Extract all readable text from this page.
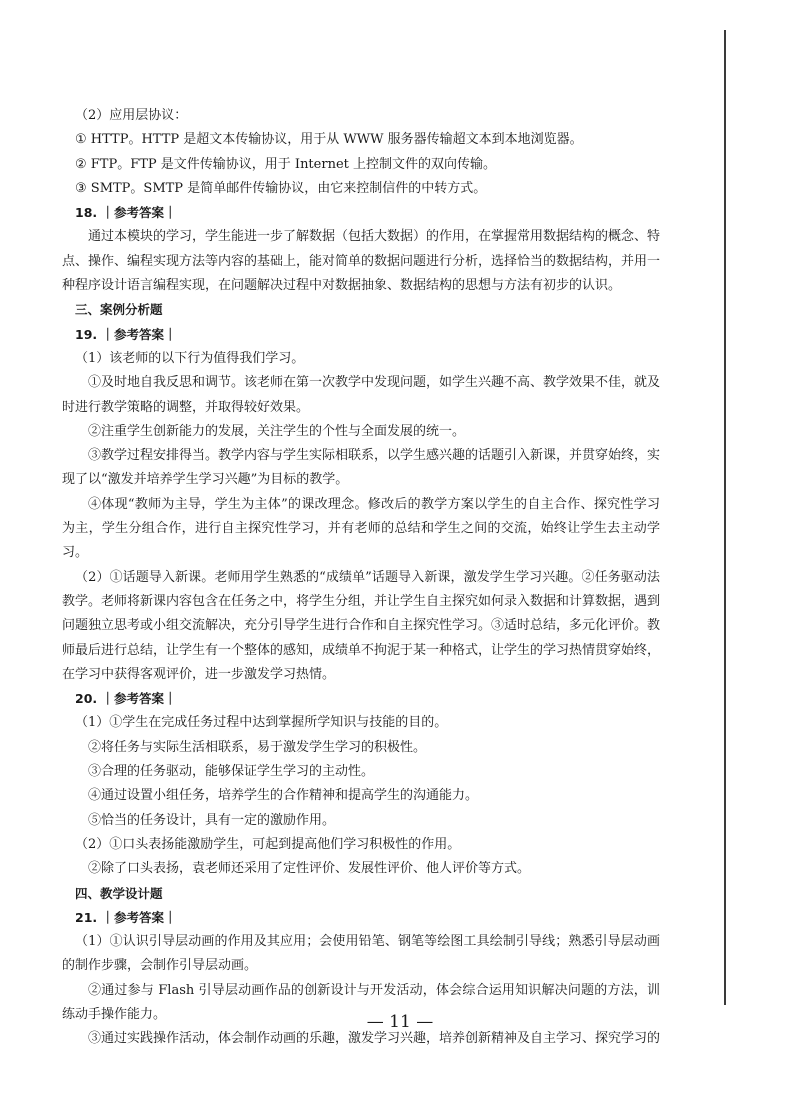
（2）应用层协议：

① HTTP。HTTP 是超文本传输协议，用于从 WWW 服务器传输超文本到本地浏览器。

② FTP。FTP 是文件传输协议，用于 Internet 上控制文件的双向传输。

③ SMTP。SMTP 是简单邮件传输协议，由它来控制信件的中转方式。

18. ｜参考答案｜

通过本模块的学习，学生能进一步了解数据（包括大数据）的作用，在掌握常用数据结构的概念、特点、操作、编程实现方法等内容的基础上，能对简单的数据问题进行分析，选择恰当的数据结构，并用一种程序设计语言编程实现，在问题解决过程中对数据抽象、数据结构的思想与方法有初步的认识。

三、案例分析题

19. ｜参考答案｜

（1）该老师的以下行为值得我们学习。

①及时地自我反思和调节。该老师在第一次教学中发现问题，如学生兴趣不高、教学效果不佳，就及时进行教学策略的调整，并取得较好效果。

②注重学生创新能力的发展，关注学生的个性与全面发展的统一。

③教学过程安排得当。教学内容与学生实际相联系，以学生感兴趣的话题引入新课，并贯穿始终，实现了以“激发并培养学生学习兴趣”为目标的教学。

④体现“教师为主导，学生为主体”的课改理念。修改后的教学方案以学生的自主合作、探究性学习为主，学生分组合作，进行自主探究性学习，并有老师的总结和学生之间的交流，始终让学生去主动学习。

（2）①话题导入新课。老师用学生熟悉的“成绩单”话题导入新课，激发学生学习兴趣。②任务驱动法教学。老师将新课内容包含在任务之中，将学生分组，并让学生自主探究如何录入数据和计算数据，遇到问题独立思考或小组交流解决，充分引导学生进行合作和自主探究性学习。③适时总结，多元化评价。教师最后进行总结，让学生有一个整体的感知，成绩单不拘泥于某一种格式，让学生的学习热情贯穿始终，在学习中获得客观评价，进一步激发学习热情。

20. ｜参考答案｜

（1）①学生在完成任务过程中达到掌握所学知识与技能的目的。

②将任务与实际生活相联系，易于激发学生学习的积极性。

③合理的任务驱动，能够保证学生学习的主动性。

④通过设置小组任务，培养学生的合作精神和提高学生的沟通能力。

⑤恰当的任务设计，具有一定的激励作用。

（2）①口头表扬能激励学生，可起到提高他们学习积极性的作用。

②除了口头表扬，袁老师还采用了定性评价、发展性评价、他人评价等方式。

四、教学设计题

21. ｜参考答案｜

（1）①认识引导层动画的作用及其应用；会使用铅笔、钢笔等绘图工具绘制引导线；熟悉引导层动画的制作步骤，会制作引导层动画。

②通过参与 Flash 引导层动画作品的创新设计与开发活动，体会综合运用知识解决问题的方法，训练动手操作能力。

③通过实践操作活动，体会制作动画的乐趣，激发学习兴趣，培养创新精神及自主学习、探究学习的

— 11 —
